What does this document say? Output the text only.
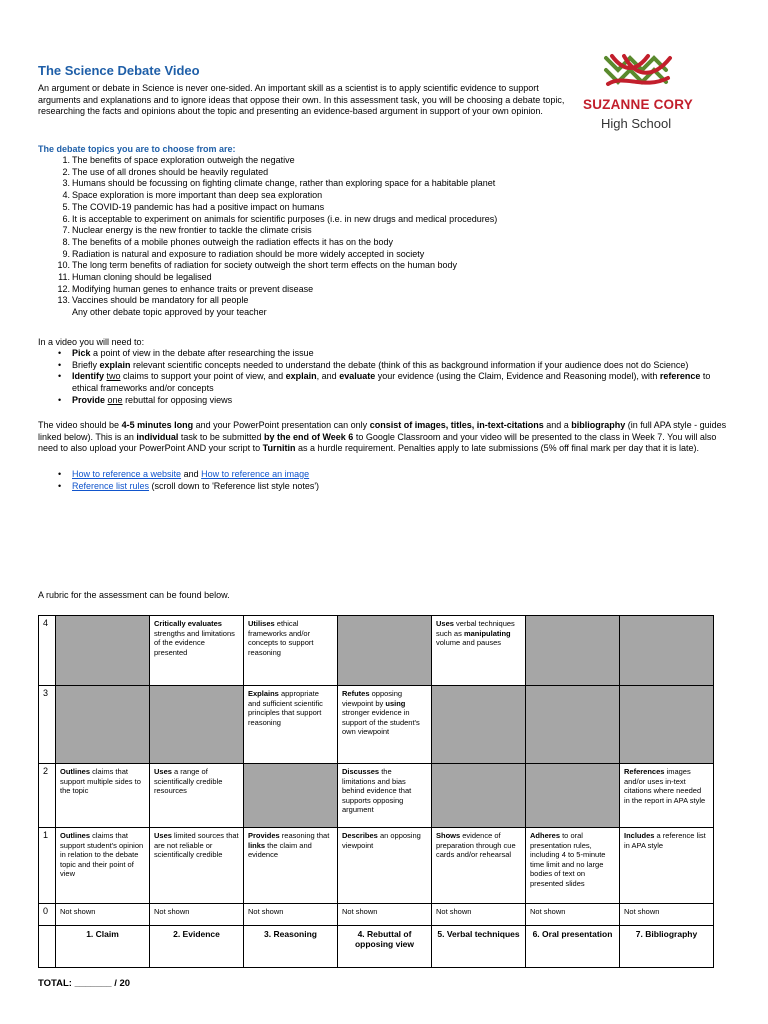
The Science Debate Video
SUZANNE CORY
High School
An argument or debate in Science is never one-sided. An important skill as a scientist is to apply scientific evidence to support arguments and explanations and to ignore ideas that oppose their own. In this assessment task, you will be choosing a debate topic, researching the facts and opinions about the topic and presenting an evidence-based argument in support of your own opinion.
The debate topics you are to choose from are:
1. The benefits of space exploration outweigh the negative
2. The use of all drones should be heavily regulated
3. Humans should be focussing on fighting climate change, rather than exploring space for a habitable planet
4. Space exploration is more important than deep sea exploration
5. The COVID-19 pandemic has had a positive impact on humans
6. It is acceptable to experiment on animals for scientific purposes (i.e. in new drugs and medical procedures)
7. Nuclear energy is the new frontier to tackle the climate crisis
8. The benefits of a mobile phones outweigh the radiation effects it has on the body
9. Radiation is natural and exposure to radiation should be more widely accepted in society
10. The long term benefits of radiation for society outweigh the short term effects on the human body
11. Human cloning should be legalised
12. Modifying human genes to enhance traits or prevent disease
13. Vaccines should be mandatory for all people
Any other debate topic approved by your teacher
In a video you will need to:
• Pick a point of view in the debate after researching the issue
• Briefly explain relevant scientific concepts needed to understand the debate (think of this as background information if your audience does not do Science)
• Identify two claims to support your point of view, and explain, and evaluate your evidence (using the Claim, Evidence and Reasoning model), with reference to ethical frameworks and/or concepts
• Provide one rebuttal for opposing views
The video should be 4-5 minutes long and your PowerPoint presentation can only consist of images, titles, in-text-citations and a bibliography (in full APA style - guides linked below). This is an individual task to be submitted by the end of Week 6 to Google Classroom and your video will be presented to the class in Week 7. You will also need to also upload your PowerPoint AND your script to Turnitin as a hurdle requirement. Penalties apply to late submissions (5% off final mark per day that it is late).
• How to reference a website and How to reference an image
• Reference list rules (scroll down to 'Reference list style notes')
A rubric for the assessment can be found below.
4		Critically evaluates strengths and limitations of the evidence presented	Utilises ethical frameworks and/or concepts to support reasoning		Uses verbal techniques such as manipulating volume and pauses		
3			Explains appropriate and sufficient scientific principles that support reasoning	Refutes opposing viewpoint by using stronger evidence in support of the student's own viewpoint			
2	Outlines claims that support multiple sides to the topic	Uses a range of scientifically credible resources		Discusses the limitations and bias behind evidence that supports opposing argument			References images and/or uses in-text citations where needed in the report in APA style
1	Outlines claims that support student's opinion in relation to the debate topic and their point of view	Uses limited sources that are not reliable or scientifically credible	Provides reasoning that links the claim and evidence	Describes an opposing viewpoint	Shows evidence of preparation through cue cards and/or rehearsal	Adheres to oral presentation rules, including 4 to 5-minute time limit and no large bodies of text on presented slides	Includes a reference list in APA style
0	Not shown	Not shown	Not shown	Not shown	Not shown	Not shown	Not shown
	1. Claim	2. Evidence	3. Reasoning	4. Rebuttal of opposing view	5. Verbal techniques	6. Oral presentation	7. Bibliography
TOTAL: _______ / 20
